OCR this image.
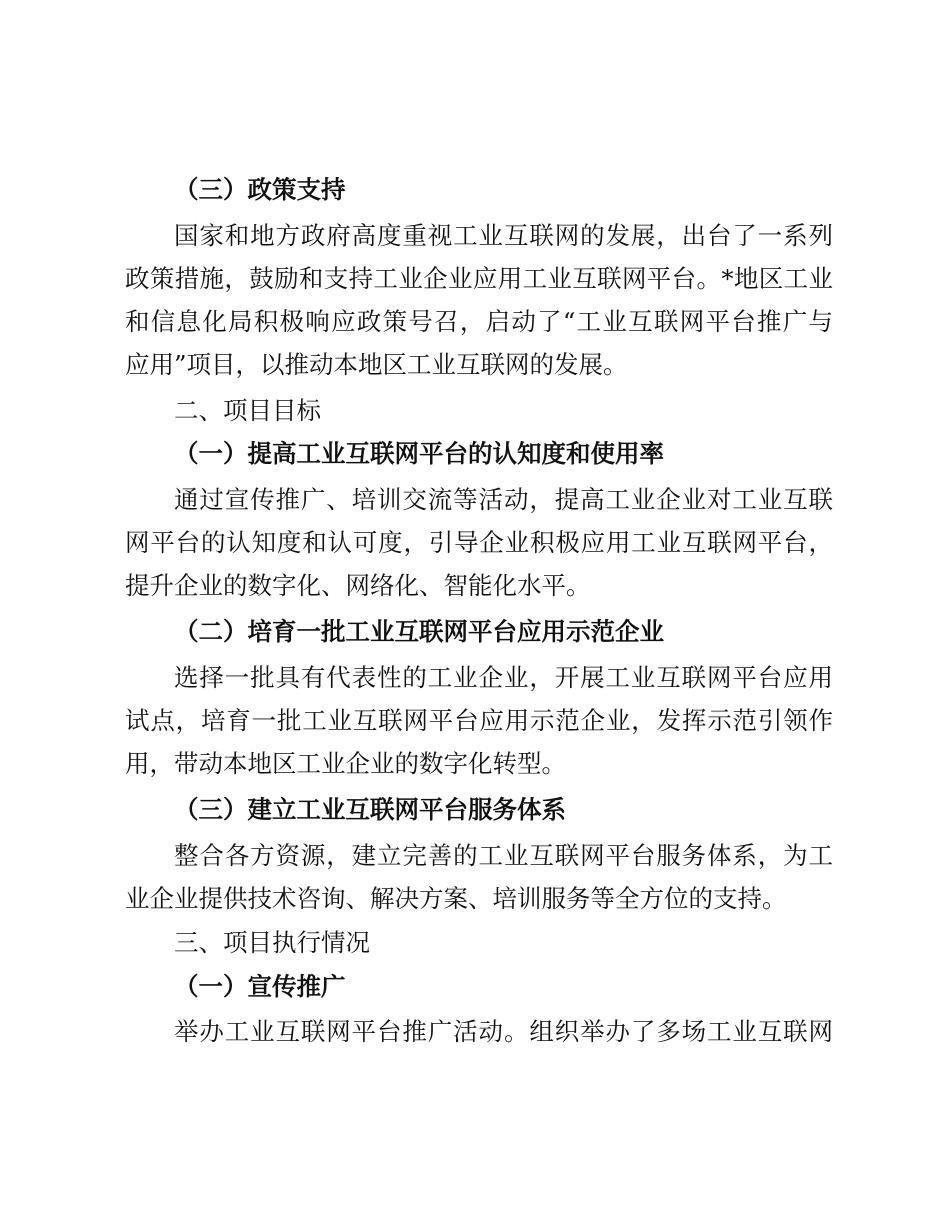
（三）政策支持
国家和地方政府高度重视工业互联网的发展，出台了一系列
政策措施，鼓励和支持工业企业应用工业互联网平台。*地区工业
和信息化局积极响应政策号召，启动了“工业互联网平台推广与
应用”项目，以推动本地区工业互联网的发展。
二、项目目标
（一）提高工业互联网平台的认知度和使用率
通过宣传推广、培训交流等活动，提高工业企业对工业互联
网平台的认知度和认可度，引导企业积极应用工业互联网平台，
提升企业的数字化、网络化、智能化水平。
（二）培育一批工业互联网平台应用示范企业
选择一批具有代表性的工业企业，开展工业互联网平台应用
试点，培育一批工业互联网平台应用示范企业，发挥示范引领作
用，带动本地区工业企业的数字化转型。
（三）建立工业互联网平台服务体系
整合各方资源，建立完善的工业互联网平台服务体系，为工
业企业提供技术咨询、解决方案、培训服务等全方位的支持。
三、项目执行情况
（一）宣传推广
举办工业互联网平台推广活动。组织举办了多场工业互联网
